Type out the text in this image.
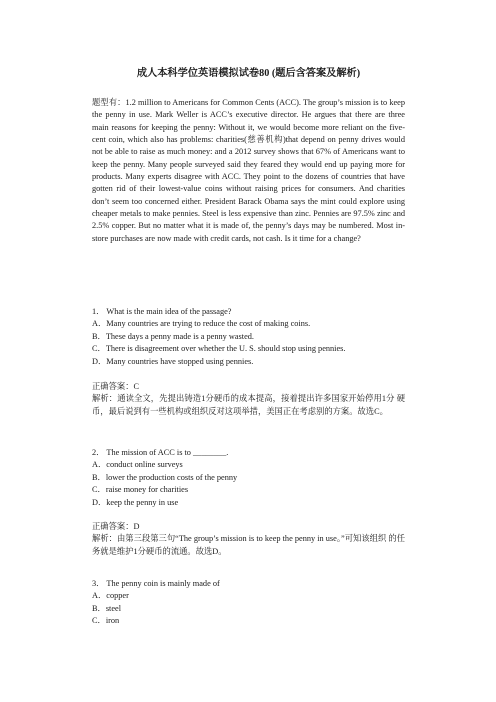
成人本科学位英语模拟试卷80 (题后含答案及解析)
题型有：1.2 million to Americans for Common Cents (ACC). The group’s mission is to keep the penny in use. Mark Weller is ACC’s executive director. He argues that there are three main reasons for keeping the penny: Without it, we would become more reliant on the five-cent coin, which also has problems: charities(慈善机构)that depend on penny drives would not be able to raise as much money: and a 2012 survey shows that 67% of Americans want to keep the penny. Many people surveyed said they feared they would end up paying more for products. Many experts disagree with ACC. They point to the dozens of countries that have gotten rid of their lowest-value coins without raising prices for consumers. And charities don’t seem too concerned either. President Barack Obama says the mint could explore using cheaper metals to make pennies. Steel is less expensive than zinc. Pennies are 97.5% zinc and 2.5% copper. But no matter what it is made of, the penny’s days may be numbered. Most in-store purchases are now made with credit cards, not cash. Is it time for a change?
1． What is the main idea of the passage?
A．Many countries are trying to reduce the cost of making coins.
B．These days a penny made is a penny wasted.
C．There is disagreement over whether the U. S. should stop using pennies.
D．Many countries have stopped using pennies.
正确答案：C
解析：通读全文，先提出铸造1分硬币的成本提高，接着提出许多国家开始停用1分 硬币，最后说到有一些机构或组织反对这项举措，美国正在考虑别的方案。故选C。
2． The mission of ACC is to ________.
A．conduct online surveys
B．lower the production costs of the penny
C．raise money for charities
D．keep the penny in use
正确答案：D
解析：由第三段第三句“The group’s mission is to keep the penny in use。”可知该组织 的任务就是维护1分硬币的流通。故选D。
3． The penny coin is mainly made of
A．copper
B．steel
C．iron
